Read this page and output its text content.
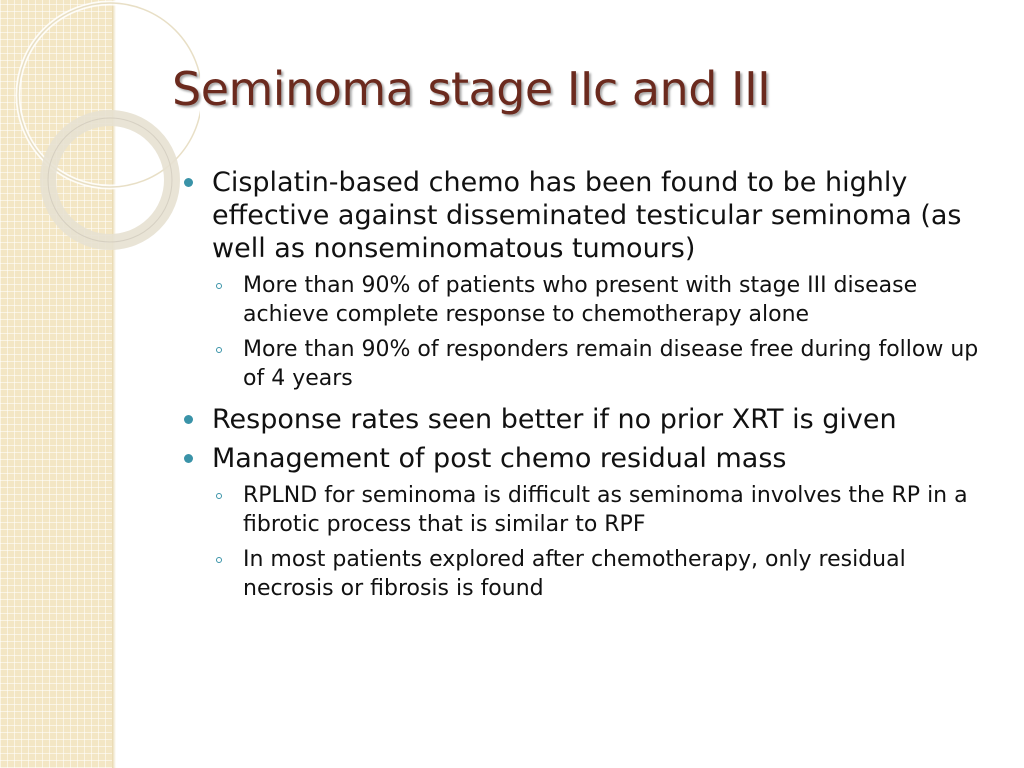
Seminoma stage IIc and III
Cisplatin-based chemo has been found to be highly effective against disseminated testicular seminoma (as well as nonseminomatous tumours)
More than 90% of patients who present with stage III disease achieve complete response to chemotherapy alone
More than 90% of responders remain disease free during follow up of 4 years
Response rates seen better if no prior XRT is given
Management of post chemo residual mass
RPLND for seminoma is difficult as seminoma involves the RP in a fibrotic process that is similar to RPF
In most patients explored after chemotherapy, only residual necrosis or fibrosis is found
